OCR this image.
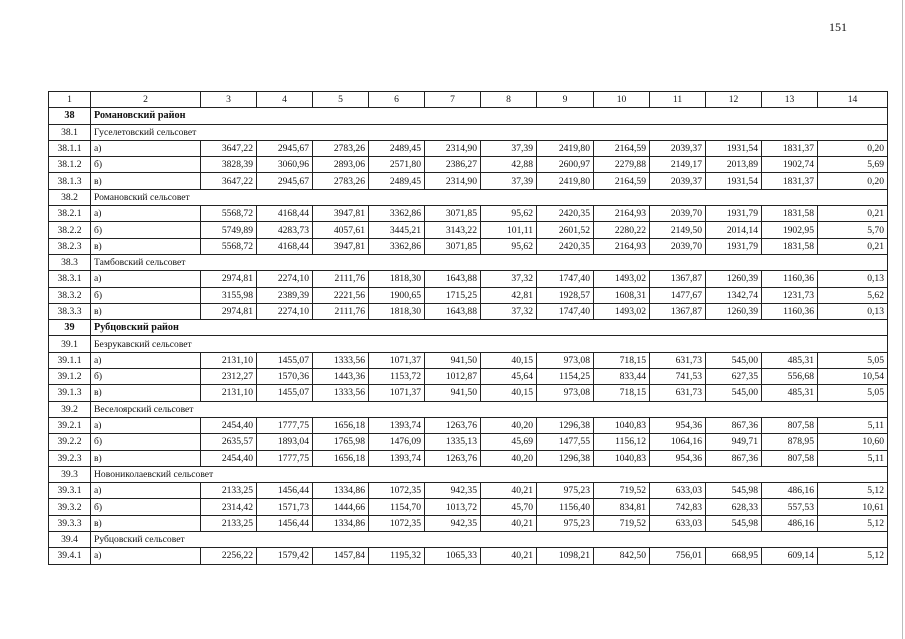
151
1	2	3	4	5	6	7	8	9	10	11	12	13	14
38	Романовский район												
38.1	Гуселетовский сельсовет												
38.1.1	а)	3647,22	2945,67	2783,26	2489,45	2314,90	37,39	2419,80	2164,59	2039,37	1931,54	1831,37	0,20
38.1.2	б)	3828,39	3060,96	2893,06	2571,80	2386,27	42,88	2600,97	2279,88	2149,17	2013,89	1902,74	5,69
38.1.3	в)	3647,22	2945,67	2783,26	2489,45	2314,90	37,39	2419,80	2164,59	2039,37	1931,54	1831,37	0,20
38.2	Романовский сельсовет												
38.2.1	а)	5568,72	4168,44	3947,81	3362,86	3071,85	95,62	2420,35	2164,93	2039,70	1931,79	1831,58	0,21
38.2.2	б)	5749,89	4283,73	4057,61	3445,21	3143,22	101,11	2601,52	2280,22	2149,50	2014,14	1902,95	5,70
38.2.3	в)	5568,72	4168,44	3947,81	3362,86	3071,85	95,62	2420,35	2164,93	2039,70	1931,79	1831,58	0,21
38.3	Тамбовский сельсовет												
38.3.1	а)	2974,81	2274,10	2111,76	1818,30	1643,88	37,32	1747,40	1493,02	1367,87	1260,39	1160,36	0,13
38.3.2	б)	3155,98	2389,39	2221,56	1900,65	1715,25	42,81	1928,57	1608,31	1477,67	1342,74	1231,73	5,62
38.3.3	в)	2974,81	2274,10	2111,76	1818,30	1643,88	37,32	1747,40	1493,02	1367,87	1260,39	1160,36	0,13
39	Рубцовский район												
39.1	Безрукавский сельсовет												
39.1.1	а)	2131,10	1455,07	1333,56	1071,37	941,50	40,15	973,08	718,15	631,73	545,00	485,31	5,05
39.1.2	б)	2312,27	1570,36	1443,36	1153,72	1012,87	45,64	1154,25	833,44	741,53	627,35	556,68	10,54
39.1.3	в)	2131,10	1455,07	1333,56	1071,37	941,50	40,15	973,08	718,15	631,73	545,00	485,31	5,05
39.2	Веселоярский сельсовет												
39.2.1	а)	2454,40	1777,75	1656,18	1393,74	1263,76	40,20	1296,38	1040,83	954,36	867,36	807,58	5,11
39.2.2	б)	2635,57	1893,04	1765,98	1476,09	1335,13	45,69	1477,55	1156,12	1064,16	949,71	878,95	10,60
39.2.3	в)	2454,40	1777,75	1656,18	1393,74	1263,76	40,20	1296,38	1040,83	954,36	867,36	807,58	5,11
39.3	Новониколаевский сельсовет												
39.3.1	а)	2133,25	1456,44	1334,86	1072,35	942,35	40,21	975,23	719,52	633,03	545,98	486,16	5,12
39.3.2	б)	2314,42	1571,73	1444,66	1154,70	1013,72	45,70	1156,40	834,81	742,83	628,33	557,53	10,61
39.3.3	в)	2133,25	1456,44	1334,86	1072,35	942,35	40,21	975,23	719,52	633,03	545,98	486,16	5,12
39.4	Рубцовский сельсовет												
39.4.1	а)	2256,22	1579,42	1457,84	1195,32	1065,33	40,21	1098,21	842,50	756,01	668,95	609,14	5,12
